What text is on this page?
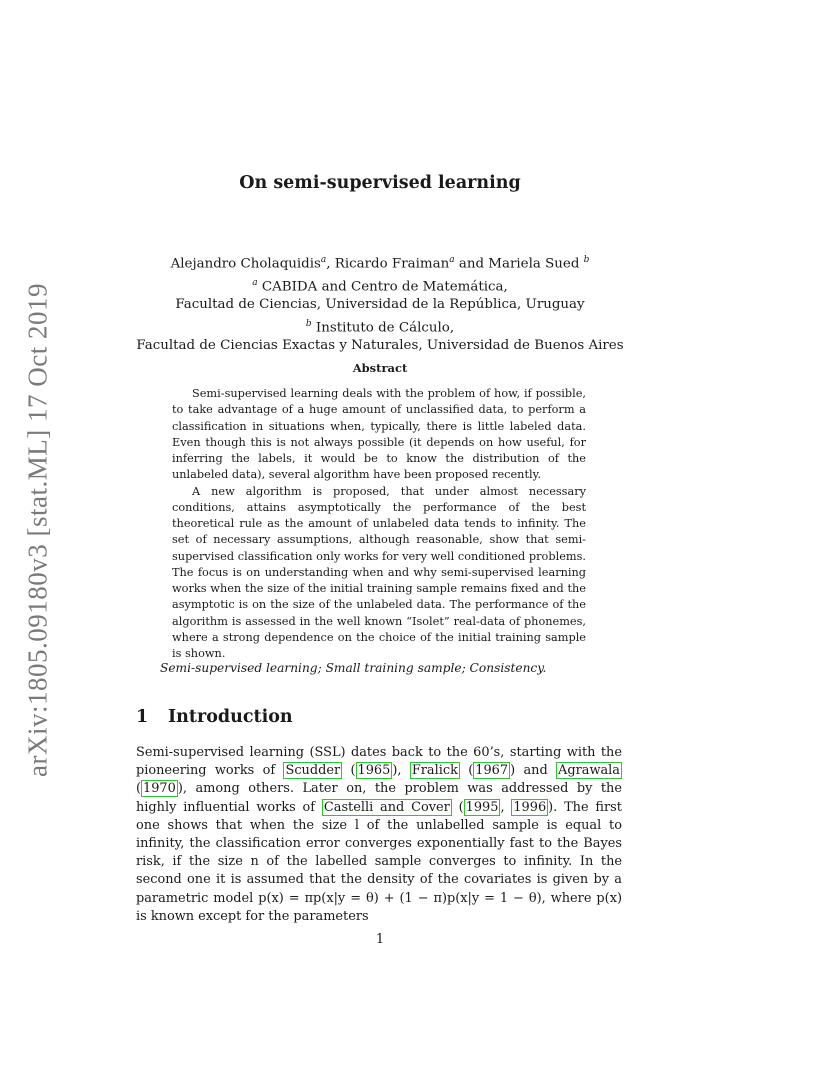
arXiv:1805.09180v3 [stat.ML] 17 Oct 2019
On semi-supervised learning
Alejandro Cholaquidis$^a$, Ricardo Fraiman$^a$ and Mariela Sued $^b$
$^a$ CABIDA and Centro de Matemática,
Facultad de Ciencias, Universidad de la República, Uruguay
$^b$ Instituto de Cálculo,
Facultad de Ciencias Exactas y Naturales, Universidad de Buenos Aires
Abstract

Semi-supervised learning deals with the problem of how, if possible, to take advantage of a huge amount of unclassified data, to perform a classification in situations when, typically, there is little labeled data. Even though this is not always possible (it depends on how useful, for inferring the labels, it would be to know the distribution of the unlabeled data), several algorithm have been proposed recently.

A new algorithm is proposed, that under almost necessary conditions, attains asymptotically the performance of the best theoretical rule as the amount of unlabeled data tends to infinity. The set of necessary assumptions, although reasonable, show that semi-supervised classification only works for very well conditioned problems. The focus is on understanding when and why semi-supervised learning works when the size of the initial training sample remains fixed and the asymptotic is on the size of the unlabeled data. The performance of the algorithm is assessed in the well known “Isolet” real-data of phonemes, where a strong dependence on the choice of the initial training sample is shown.

Semi-supervised learning; Small training sample; Consistency.
1 Introduction

Semi-supervised learning (SSL) dates back to the 60’s, starting with the pioneering works of Scudder ( 1965 ), Fralick ( 1967 ) and Agrawala ( 1970 ), among others. Later on, the problem was addressed by the highly influential works of Castelli and Cover ( 1995 , 1996 ). The first one shows that when the size l of the unlabelled sample is equal to infinity, the classification error converges exponentially fast to the Bayes risk, if the size n of the labelled sample converges to infinity. In the second one it is assumed that the density of the covariates is given by a parametric model p(x) = πp(x|y = θ) + (1 − π)p(x|y = 1 − θ), where p(x) is known except for the parameters

1
